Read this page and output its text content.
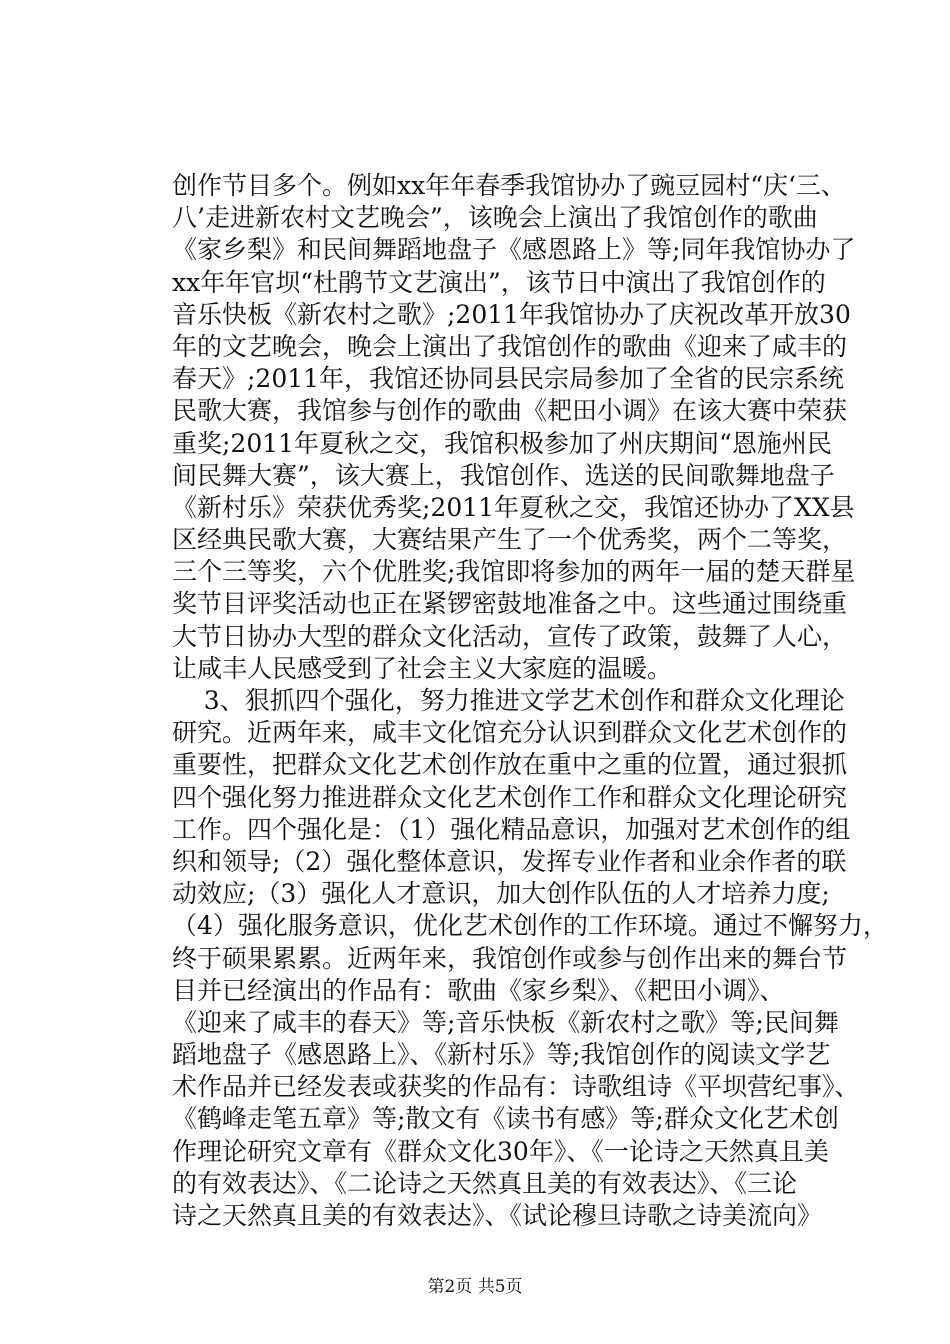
创作节目多个。例如xx年年春季我馆协办了豌豆园村“庆‘三、
八’走进新农村文艺晚会”，该晚会上演出了我馆创作的歌曲
《家乡梨》和民间舞蹈地盘子《感恩路上》等;同年我馆协办了
xx年年官坝“杜鹃节文艺演出”，该节日中演出了我馆创作的
音乐快板《新农村之歌》;2011年我馆协办了庆祝改革开放30
年的文艺晚会，晚会上演出了我馆创作的歌曲《迎来了咸丰的
春天》;2011年，我馆还协同县民宗局参加了全省的民宗系统
民歌大赛，我馆参与创作的歌曲《耙田小调》在该大赛中荣获
重奖;2011年夏秋之交，我馆积极参加了州庆期间“恩施州民
间民舞大赛”，该大赛上，我馆创作、选送的民间歌舞地盘子
《新村乐》荣获优秀奖;2011年夏秋之交，我馆还协办了XX县
区经典民歌大赛，大赛结果产生了一个优秀奖，两个二等奖，
三个三等奖，六个优胜奖;我馆即将参加的两年一届的楚天群星
奖节目评奖活动也正在紧锣密鼓地准备之中。这些通过围绕重
大节日协办大型的群众文化活动，宣传了政策，鼓舞了人心，
让咸丰人民感受到了社会主义大家庭的温暖。
3、狠抓四个强化，努力推进文学艺术创作和群众文化理论
研究。近两年来，咸丰文化馆充分认识到群众文化艺术创作的
重要性，把群众文化艺术创作放在重中之重的位置，通过狠抓
四个强化努力推进群众文化艺术创作工作和群众文化理论研究
工作。四个强化是：（1）强化精品意识，加强对艺术创作的组
织和领导;（2）强化整体意识，发挥专业作者和业余作者的联
动效应;（3）强化人才意识，加大创作队伍的人才培养力度;
（4）强化服务意识，优化艺术创作的工作环境。通过不懈努力，
终于硕果累累。近两年来，我馆创作或参与创作出来的舞台节
目并已经演出的作品有：歌曲《家乡梨》、《耙田小调》、
《迎来了咸丰的春天》等;音乐快板《新农村之歌》等;民间舞
蹈地盘子《感恩路上》、《新村乐》等;我馆创作的阅读文学艺
术作品并已经发表或获奖的作品有：诗歌组诗《平坝营纪事》、
《鹤峰走笔五章》等;散文有《读书有感》等;群众文化艺术创
作理论研究文章有《群众文化30年》、《一论诗之天然真且美
的有效表达》、《二论诗之天然真且美的有效表达》、《三论
诗之天然真且美的有效表达》、《试论穆旦诗歌之诗美流向》
第2页 共5页
